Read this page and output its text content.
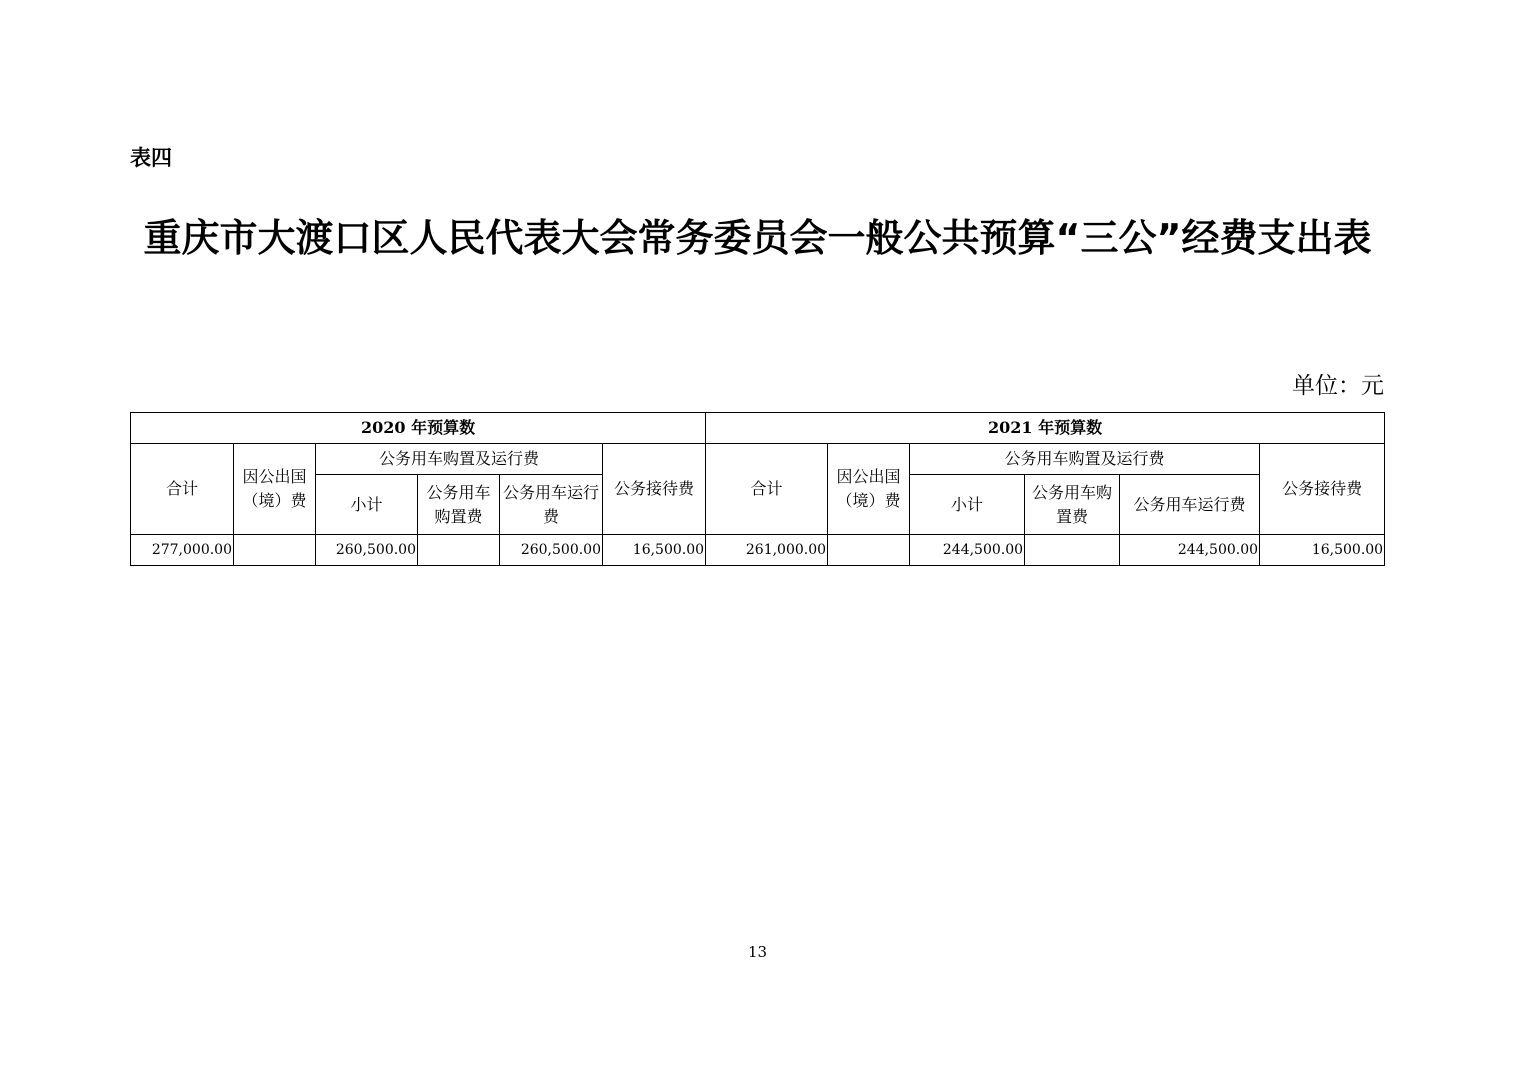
表四
重庆市大渡口区人民代表大会常务委员会一般公共预算“三公”经费支出表
单位：元
2020 年预算数						2021 年预算数					
合计	因公出国（境）费	公务用车购置及运行费			公务接待费	合计	因公出国（境）费	公务用车购置及运行费			公务接待费
		小计	公务用车购置费	公务用车运行费				小计	公务用车购置费	公务用车运行费	
277,000.00		260,500.00		260,500.00	16,500.00	261,000.00		244,500.00		244,500.00	16,500.00
13
